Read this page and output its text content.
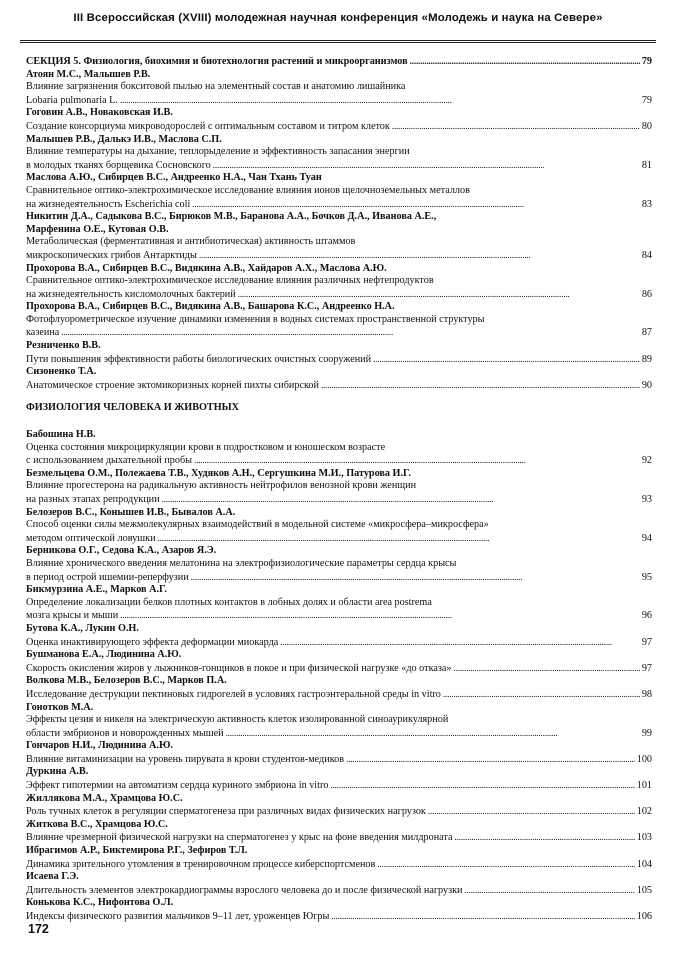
III Всероссийская (XVIII) молодежная научная конференция «Молодежь и наука на Севере»
СЕКЦИЯ 5. Физиология, биохимия и биотехнология растений и микроорганизмов . . .	79
Атоян М.С., Малышев Р.В.
Влияние загрязнения бокситовой пылью на элементный состав и анатомию лишайника
Lobaria pulmonaria L. . . .	79
Гоговин А.В., Новаковская И.В.
Создание консорциума микроводорослей с оптимальным составом и титром клеток . . .	80
Малышев Р.В., Далькэ И.В., Маслова С.П.
Влияние температуры на дыхание, теплорыделение и эффективность запасания энергии
в молодых тканях борщевика Сосновского . . .	81
Маслова А.Ю., Сибирцев В.С., Андреенко Н.А., Чан Тхань Туан
Сравнительное оптико-электрохимическое исследование влияния ионов щелочноземельных металлов
на жизнедеятельность Escherichia coli . . .	83
Никитин Д.А., Садыкова В.С., Бирюков М.В., Баранова А.А., Бочков Д.А., Иванова А.Е.,
Марфенина О.Е., Кутовая О.В.
Метаболическая (ферментативная и антибиотическая) активность штаммов
микроскопических грибов Антарктиды . . .	84
Прохорова В.А., Сибирцев В.С., Видякина А.В., Хайдаров А.Х., Маслова А.Ю.
Сравнительное оптико-электрохимическое исследование влияния различных нефтепродуктов
на жизнедеятельность кисломолочных бактерий . . .	86
Прохорова В.А., Сибирцев В.С., Видякина А.В., Башарова К.С., Андреенко Н.А.
Фотофлуорометрическое изучение динамики изменения в водных системах пространственной структуры
казеина . . .	87
Резниченко В.В.
Пути повышения эффективности работы биологических очистных сооружений . . .	89
Сизоненко Т.А.
Анатомическое строение эктомикоризных корней пихты сибирской . . .	90
ФИЗИОЛОГИЯ ЧЕЛОВЕКА И ЖИВОТНЫХ
Бабошина Н.В.
Оценка состояния микроциркуляции крови в подростковом и юношеском возрасте
с использованием дыхательной пробы . . .	92
Безмельцева О.М., Полежаева Т.В., Худяков А.Н., Сергушкина М.И., Патурова И.Г.
Влияние прогестерона на радикальную активность нейтрофилов венозной крови женщин
на разных этапах репродукции . . .	93
Белозеров В.С., Конышев И.В., Бывалов А.А.
Способ оценки силы межмолекулярных взаимодействий в модельной системе «микросфера–микросфера»
методом оптической ловушки . . .	94
Берникова О.Г., Седова К.А., Азаров Я.Э.
Влияние хронического введения мелатонина на электрофизиологические параметры сердца крысы
в период острой ишемии-реперфузии . . .	95
Бикмурзина А.Е., Марков А.Г.
Определение локализации белков плотных контактов в лобных долях и области area postrema
мозга крысы и мыши . . .	96
Бутова К.А., Лукин О.Н.
Оценка инактивирующего эффекта деформации миокарда . . .	97
Бушманова Е.А., Людинина А.Ю.
Скорость окисления жиров у лыжников-гонщиков в покое и при физической нагрузке «до отказа» . . .	97
Волкова М.В., Белозеров В.С., Марков П.А.
Исследование деструкции пектиновых гидрогелей в условиях гастроэнтеральной среды in vitro . . .	98
Гонотков М.А.
Эффекты цезия и никеля на электрическую активность клеток изолированной синоаурикулярной
области эмбрионов и новорожденных мышей . . .	99
Гончаров Н.И., Людинина А.Ю.
Влияние витаминизации на уровень пирувата в крови студентов-медиков . . .	100
Дуркина А.В.
Эффект гипотермии на автоматизм сердца куриного эмбриона in vitro . . .	101
Жиллякова М.А., Храмцова Ю.С.
Роль тучных клеток в регуляции сперматогенеза при различных видах физических нагрузок . . .	102
Житкова В.С., Храмцова Ю.С.
Влияние чрезмерной физической нагрузки на сперматогенез у крыс на фоне введения милдроната . . .	103
Ибрагимов А.Р., Биктемирова Р.Г., Зефиров Т.Л.
Динамика зрительного утомления в тренировочном процессе киберспортсменов . . .	104
Исаева Г.Э.
Длительность элементов электрокардиограммы взрослого человека до и после физической нагрузки . . .	105
Конькова К.С., Нифонтова О.Л.
Индексы физического развития мальчиков 9–11 лет, уроженцев Югры . . .	106
172
